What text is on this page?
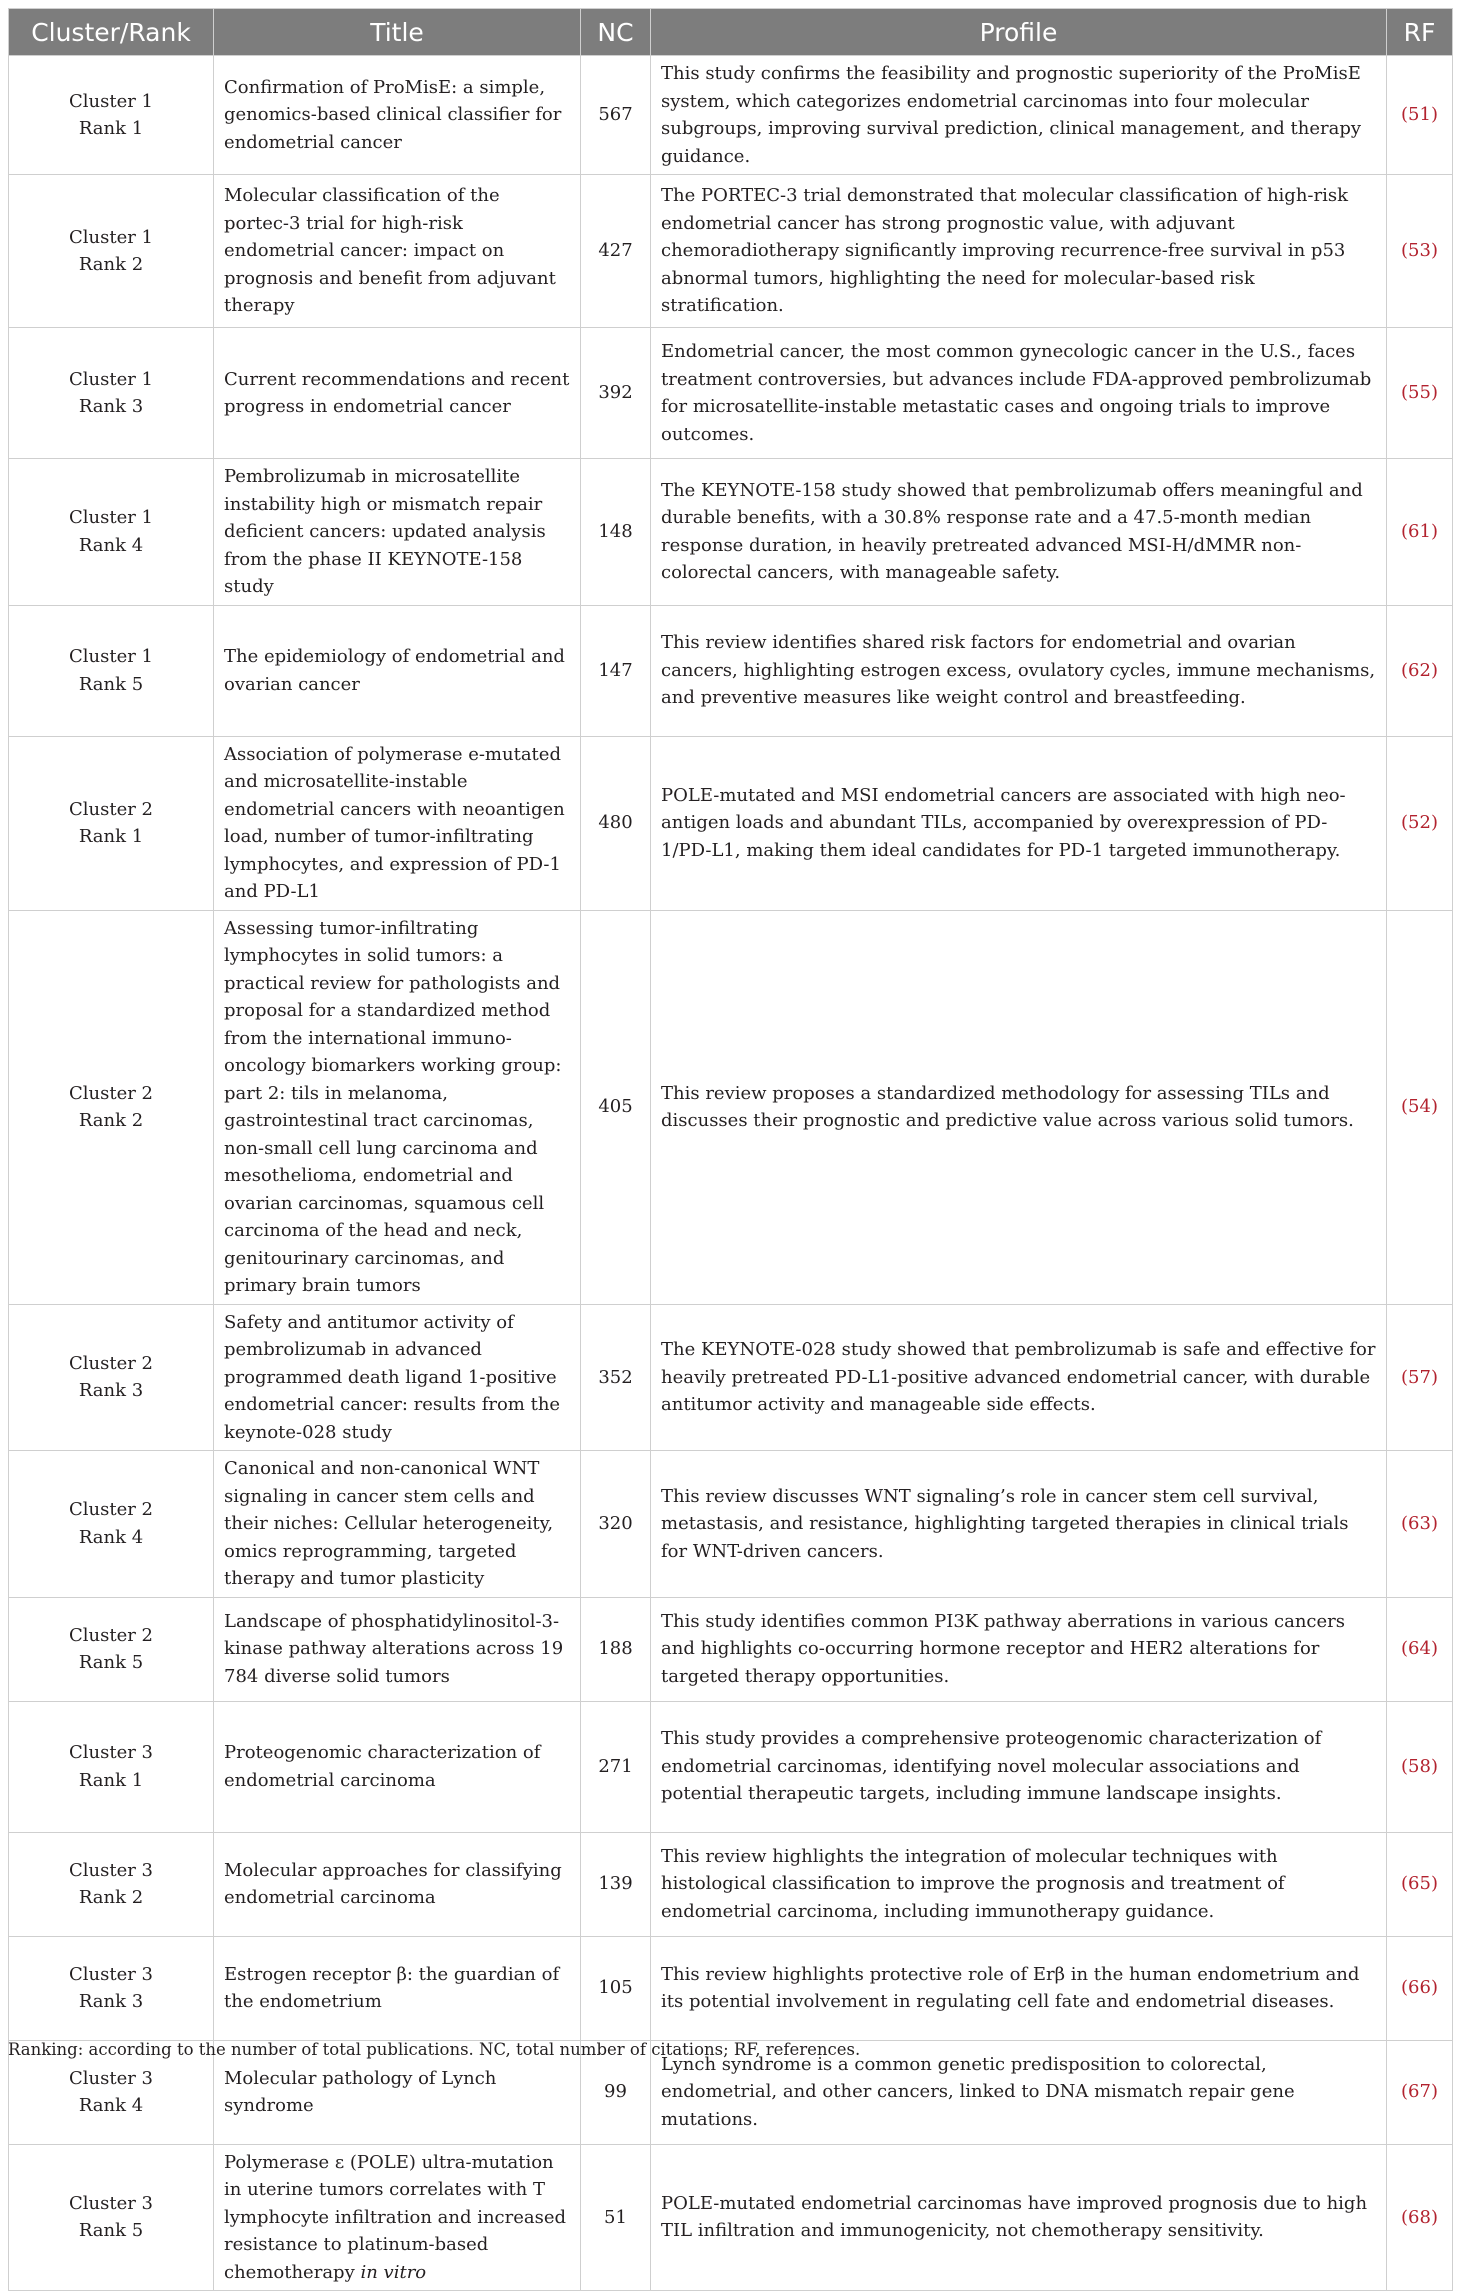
Cluster/Rank	Title	NC	Profile	RF

Cluster 1
Rank 1	Confirmation of ProMisE: a simple, genomics-based clinical classifier for endometrial cancer	567	This study confirms the feasibility and prognostic superiority of the ProMisE system, which categorizes endometrial carcinomas into four molecular subgroups, improving survival prediction, clinical management, and therapy guidance.	(51)

Cluster 1
Rank 2	Molecular classification of the portec-3 trial for high-risk endometrial cancer: impact on prognosis and benefit from adjuvant therapy	427	The PORTEC-3 trial demonstrated that molecular classification of high-risk endometrial cancer has strong prognostic value, with adjuvant chemoradiotherapy significantly improving recurrence-free survival in p53 abnormal tumors, highlighting the need for molecular-based risk stratification.	(53)

Cluster 1
Rank 3	Current recommendations and recent progress in endometrial cancer	392	Endometrial cancer, the most common gynecologic cancer in the U.S., faces treatment controversies, but advances include FDA-approved pembrolizumab for microsatellite-instable metastatic cases and ongoing trials to improve outcomes.	(55)

Cluster 1
Rank 4	Pembrolizumab in microsatellite instability high or mismatch repair deficient cancers: updated analysis from the phase II KEYNOTE-158 study	148	The KEYNOTE-158 study showed that pembrolizumab offers meaningful and durable benefits, with a 30.8% response rate and a 47.5-month median response duration, in heavily pretreated advanced MSI-H/dMMR non-colorectal cancers, with manageable safety.	(61)

Cluster 1
Rank 5	The epidemiology of endometrial and ovarian cancer	147	This review identifies shared risk factors for endometrial and ovarian cancers, highlighting estrogen excess, ovulatory cycles, immune mechanisms, and preventive measures like weight control and breastfeeding.	(62)

Cluster 2
Rank 1	Association of polymerase e-mutated and microsatellite-instable endometrial cancers with neoantigen load, number of tumor-infiltrating lymphocytes, and expression of PD-1 and PD-L1	480	POLE-mutated and MSI endometrial cancers are associated with high neo-antigen loads and abundant TILs, accompanied by overexpression of PD-1/PD-L1, making them ideal candidates for PD-1 targeted immunotherapy.	(52)

Cluster 2
Rank 2	Assessing tumor-infiltrating lymphocytes in solid tumors: a practical review for pathologists and proposal for a standardized method from the international immuno-oncology biomarkers working group: part 2: tils in melanoma, gastrointestinal tract carcinomas, non-small cell lung carcinoma and mesothelioma, endometrial and ovarian carcinomas, squamous cell carcinoma of the head and neck, genitourinary carcinomas, and primary brain tumors	405	This review proposes a standardized methodology for assessing TILs and discusses their prognostic and predictive value across various solid tumors.	(54)

Cluster 2
Rank 3	Safety and antitumor activity of pembrolizumab in advanced programmed death ligand 1-positive endometrial cancer: results from the keynote-028 study	352	The KEYNOTE-028 study showed that pembrolizumab is safe and effective for heavily pretreated PD-L1-positive advanced endometrial cancer, with durable antitumor activity and manageable side effects.	(57)

Cluster 2
Rank 4	Canonical and non-canonical WNT signaling in cancer stem cells and their niches: Cellular heterogeneity, omics reprogramming, targeted therapy and tumor plasticity	320	This review discusses WNT signaling’s role in cancer stem cell survival, metastasis, and resistance, highlighting targeted therapies in clinical trials for WNT-driven cancers.	(63)

Cluster 2
Rank 5	Landscape of phosphatidylinositol-3-kinase pathway alterations across 19 784 diverse solid tumors	188	This study identifies common PI3K pathway aberrations in various cancers and highlights co-occurring hormone receptor and HER2 alterations for targeted therapy opportunities.	(64)

Cluster 3
Rank 1	Proteogenomic characterization of endometrial carcinoma	271	This study provides a comprehensive proteogenomic characterization of endometrial carcinomas, identifying novel molecular associations and potential therapeutic targets, including immune landscape insights.	(58)

Cluster 3
Rank 2	Molecular approaches for classifying endometrial carcinoma	139	This review highlights the integration of molecular techniques with histological classification to improve the prognosis and treatment of endometrial carcinoma, including immunotherapy guidance.	(65)

Cluster 3
Rank 3	Estrogen receptor β: the guardian of the endometrium	105	This review highlights protective role of Erβ in the human endometrium and its potential involvement in regulating cell fate and endometrial diseases.	(66)

Cluster 3
Rank 4	Molecular pathology of Lynch syndrome	99	Lynch syndrome is a common genetic predisposition to colorectal, endometrial, and other cancers, linked to DNA mismatch repair gene mutations.	(67)

Cluster 3
Rank 5	Polymerase ε (POLE) ultra-mutation in uterine tumors correlates with T lymphocyte infiltration and increased resistance to platinum-based chemotherapy in vitro	51	POLE-mutated endometrial carcinomas have improved prognosis due to high TIL infiltration and immunogenicity, not chemotherapy sensitivity.	(68)
Ranking: according to the number of total publications. NC, total number of citations; RF, references.
